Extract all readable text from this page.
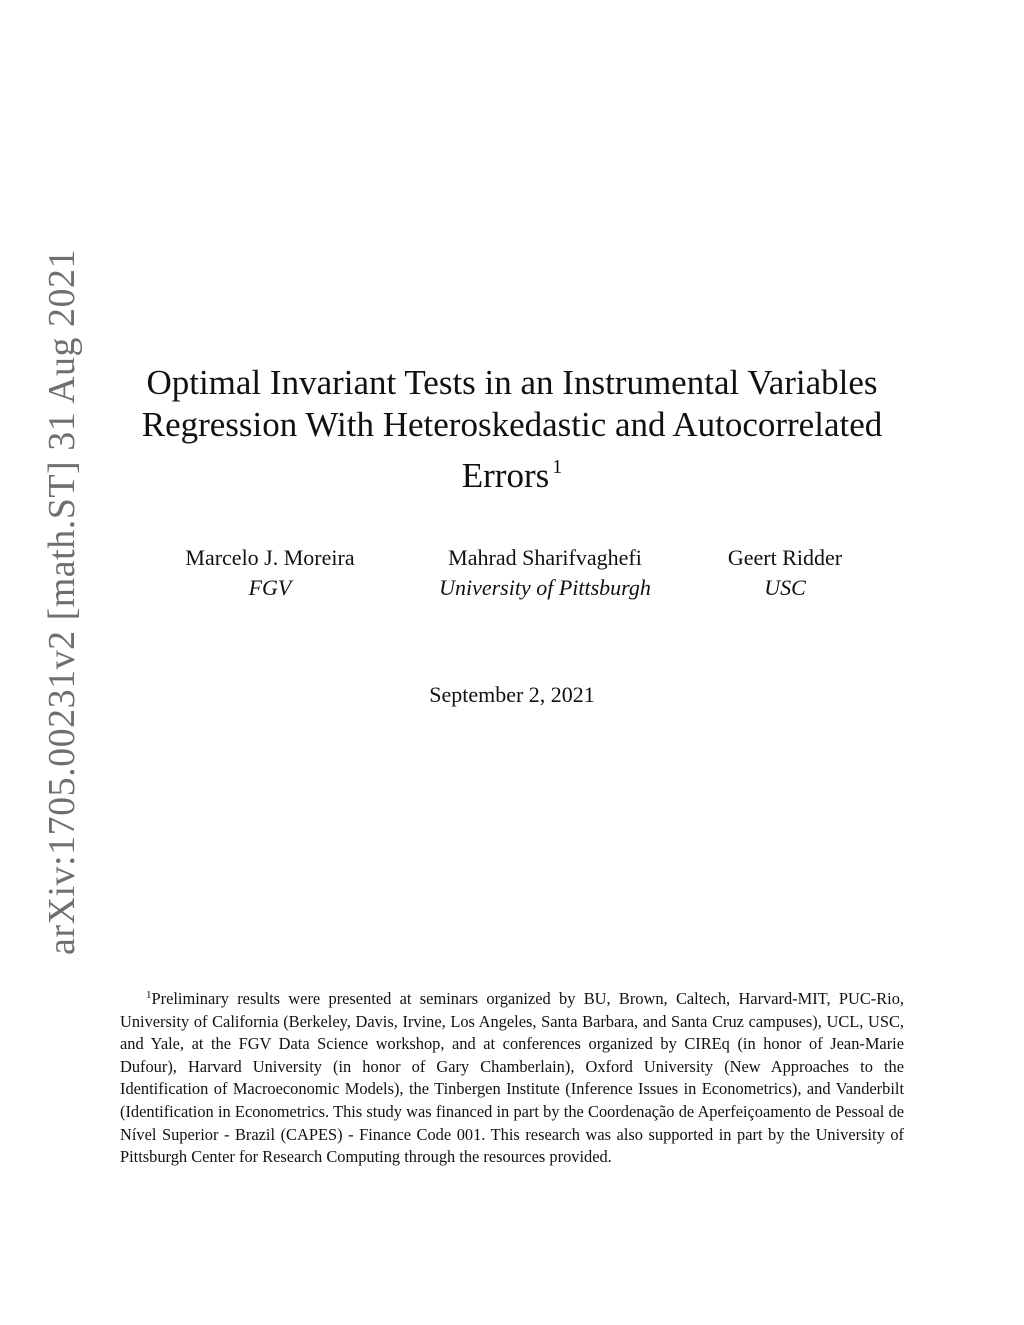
arXiv:1705.00231v2 [math.ST] 31 Aug 2021	Optimal Invariant Tests in an Instrumental Variables
Regression With Heteroskedastic and Autocorrelated
Errors $^1$
Marcelo J. Moreira
FGV
Mahrad Sharifvaghefi
University of Pittsburgh
Geert Ridder
USC
September 2, 2021
$^1$Preliminary results were presented at seminars organized by BU, Brown, Caltech, Harvard-MIT, PUC-Rio, University of California (Berkeley, Davis, Irvine, Los Angeles, Santa Barbara, and Santa Cruz campuses), UCL, USC, and Yale, at the FGV Data Science workshop, and at conferences organized by CIREq (in honor of Jean-Marie Dufour), Harvard University (in honor of Gary Chamberlain), Oxford University (New Approaches to the Identification of Macroeconomic Models), the Tinbergen Institute (Inference Issues in Econometrics), and Vanderbilt (Identification in Econometrics. This study was financed in part by the Coordenação de Aperfeiçoamento de Pessoal de Nível Superior - Brazil (CAPES) - Finance Code 001. This research was also supported in part by the University of Pittsburgh Center for Research Computing through the resources provided.
